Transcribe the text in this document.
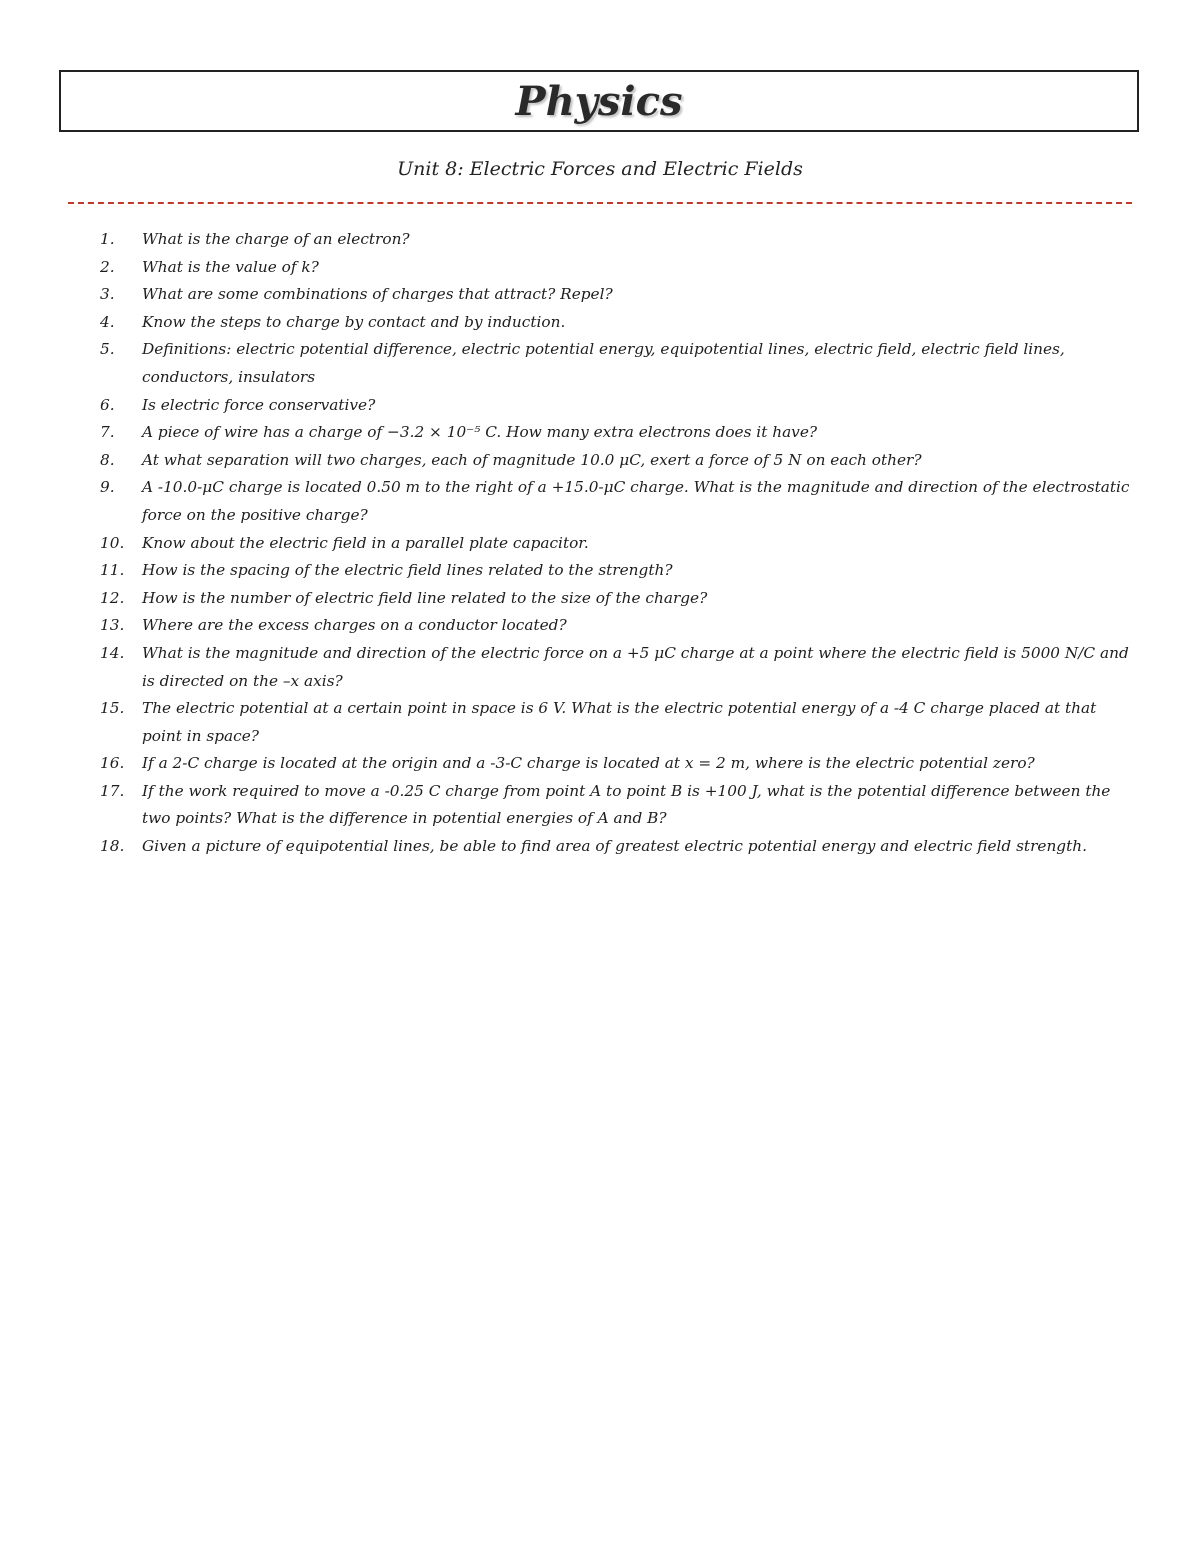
Physics
Unit 8: Electric Forces and Electric Fields
1.	What is the charge of an electron?
2.	What is the value of k?
3.	What are some combinations of charges that attract? Repel?
4.	Know the steps to charge by contact and by induction.
5.	Definitions: electric potential difference, electric potential energy, equipotential lines, electric field, electric field lines, conductors, insulators
6.	Is electric force conservative?
7.	A piece of wire has a charge of −3.2 × 10⁻⁵ C. How many extra electrons does it have?
8.	At what separation will two charges, each of magnitude 10.0 μC, exert a force of 5 N on each other?
9.	A -10.0-μC charge is located 0.50 m to the right of a +15.0-μC charge. What is the magnitude and direction of the electrostatic force on the positive charge?
10.	Know about the electric field in a parallel plate capacitor.
11.	How is the spacing of the electric field lines related to the strength?
12.	How is the number of electric field line related to the size of the charge?
13.	Where are the excess charges on a conductor located?
14.	What is the magnitude and direction of the electric force on a +5 μC charge at a point where the electric field is 5000 N/C and is directed on the –x axis?
15.	The electric potential at a certain point in space is 6 V. What is the electric potential energy of a -4 C charge placed at that point in space?
16.	If a 2-C charge is located at the origin and a -3-C charge is located at x = 2 m, where is the electric potential zero?
17.	If the work required to move a -0.25 C charge from point A to point B is +100 J, what is the potential difference between the two points? What is the difference in potential energies of A and B?
18.	Given a picture of equipotential lines, be able to find area of greatest electric potential energy and electric field strength.
